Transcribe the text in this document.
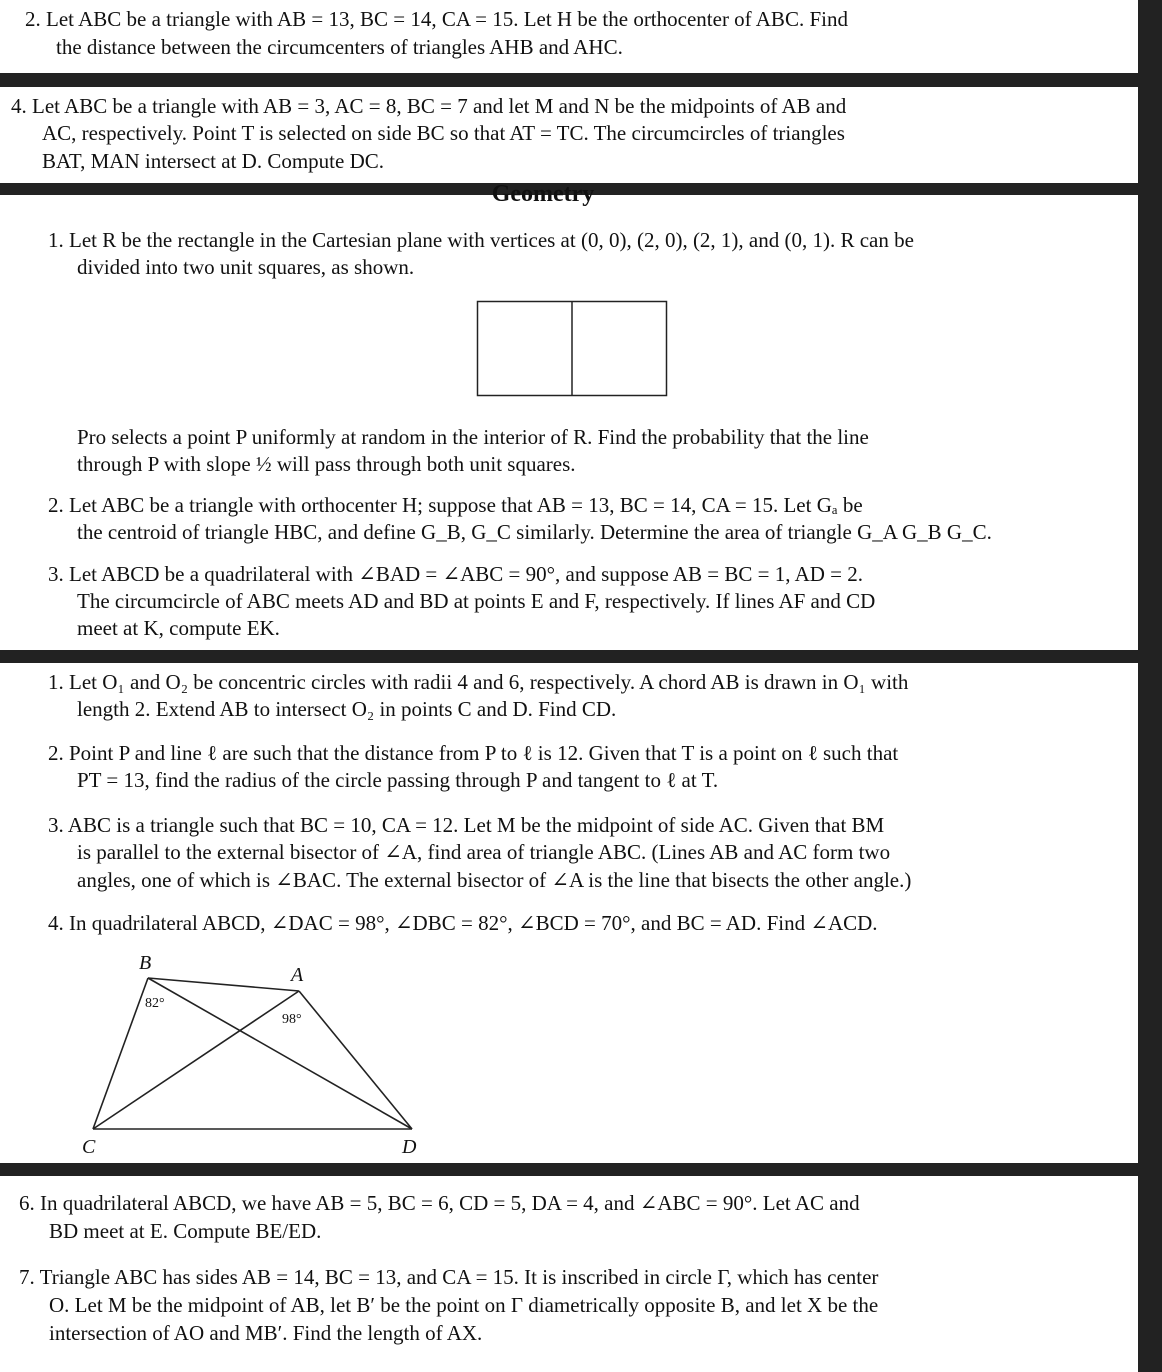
2. Let ABC be a triangle with AB = 13, BC = 14, CA = 15. Let H be the orthocenter of ABC. Find
the distance between the circumcenters of triangles AHB and AHC.
4. Let ABC be a triangle with AB = 3, AC = 8, BC = 7 and let M and N be the midpoints of AB and
AC, respectively. Point T is selected on side BC so that AT = TC. The circumcircles of triangles
BAT, MAN intersect at D. Compute DC.
Geometry
1. Let R be the rectangle in the Cartesian plane with vertices at (0, 0), (2, 0), (2, 1), and (0, 1). R can be
divided into two unit squares, as shown.
Pro selects a point P uniformly at random in the interior of R. Find the probability that the line
through P with slope ½ will pass through both unit squares.
2. Let ABC be a triangle with orthocenter H; suppose that AB = 13, BC = 14, CA = 15. Let Gₐ be
the centroid of triangle HBC, and define G_B, G_C similarly. Determine the area of triangle G_A G_B G_C.
3. Let ABCD be a quadrilateral with ∠BAD = ∠ABC = 90°, and suppose AB = BC = 1, AD = 2.
The circumcircle of ABC meets AD and BD at points E and F, respectively. If lines AF and CD
meet at K, compute EK.
1. Let O₁ and O₂ be concentric circles with radii 4 and 6, respectively. A chord AB is drawn in O₁ with
length 2. Extend AB to intersect O₂ in points C and D. Find CD.
2. Point P and line ℓ are such that the distance from P to ℓ is 12. Given that T is a point on ℓ such that
PT = 13, find the radius of the circle passing through P and tangent to ℓ at T.
3. ABC is a triangle such that BC = 10, CA = 12. Let M be the midpoint of side AC. Given that BM
is parallel to the external bisector of ∠A, find area of triangle ABC. (Lines AB and AC form two
angles, one of which is ∠BAC. The external bisector of ∠A is the line that bisects the other angle.)
4. In quadrilateral ABCD, ∠DAC = 98°, ∠DBC = 82°, ∠BCD = 70°, and BC = AD. Find ∠ACD.
B
A
C	D
82°
98°
6. In quadrilateral ABCD, we have AB = 5, BC = 6, CD = 5, DA = 4, and ∠ABC = 90°. Let AC and
BD meet at E. Compute BE/ED.
7. Triangle ABC has sides AB = 14, BC = 13, and CA = 15. It is inscribed in circle Γ, which has center
O. Let M be the midpoint of AB, let B′ be the point on Γ diametrically opposite B, and let X be the
intersection of AO and MB′. Find the length of AX.
